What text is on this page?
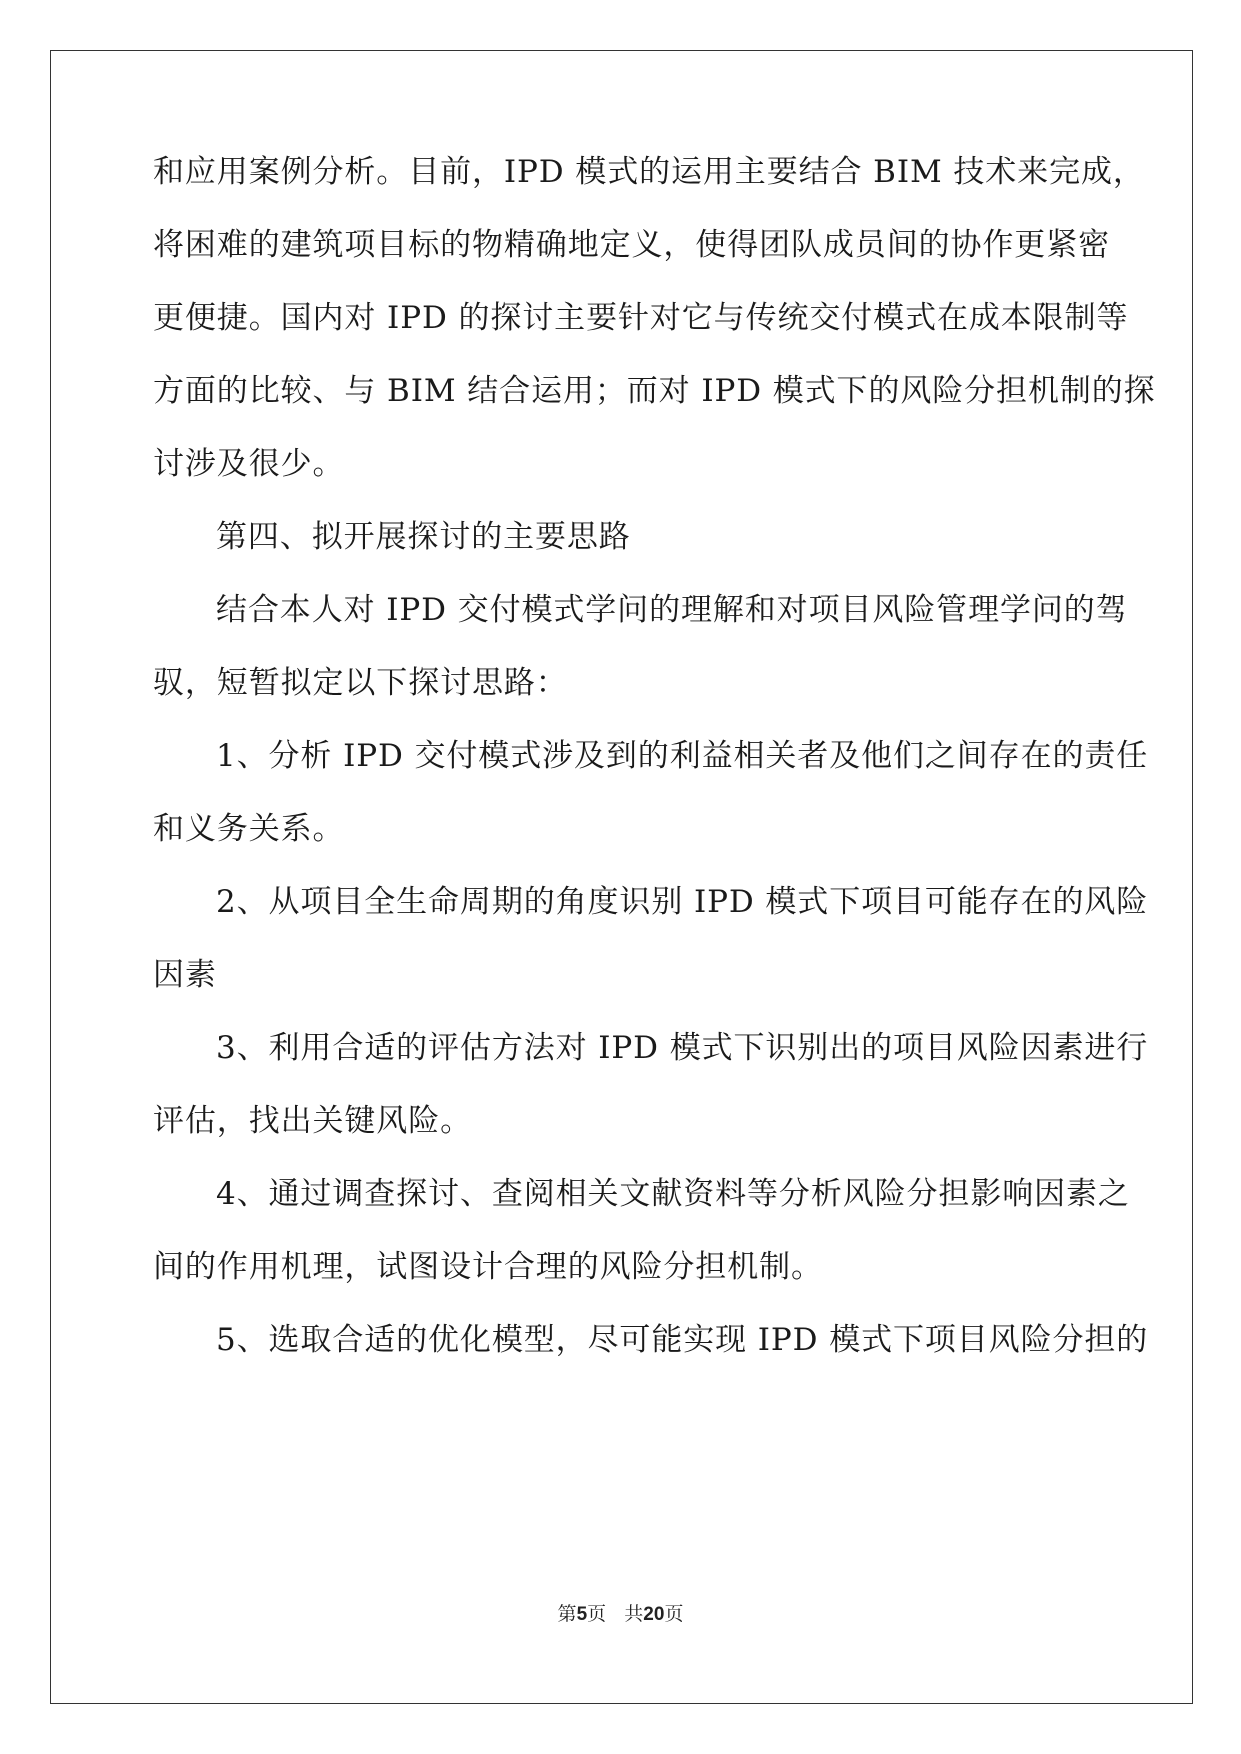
和应用案例分析。目前，IPD 模式的运用主要结合 BIM 技术来完成，
将困难的建筑项目标的物精确地定义，使得团队成员间的协作更紧密
更便捷。国内对 IPD 的探讨主要针对它与传统交付模式在成本限制等
方面的比较、与 BIM 结合运用；而对 IPD 模式下的风险分担机制的探
讨涉及很少。
第四、拟开展探讨的主要思路
结合本人对 IPD 交付模式学问的理解和对项目风险管理学问的驾
驭，短暂拟定以下探讨思路：
1、分析 IPD 交付模式涉及到的利益相关者及他们之间存在的责任
和义务关系。
2、从项目全生命周期的角度识别 IPD 模式下项目可能存在的风险
因素
3、利用合适的评估方法对 IPD 模式下识别出的项目风险因素进行
评估，找出关键风险。
4、通过调查探讨、查阅相关文献资料等分析风险分担影响因素之
间的作用机理，试图设计合理的风险分担机制。
5、选取合适的优化模型，尽可能实现 IPD 模式下项目风险分担的
第5页 共20页
